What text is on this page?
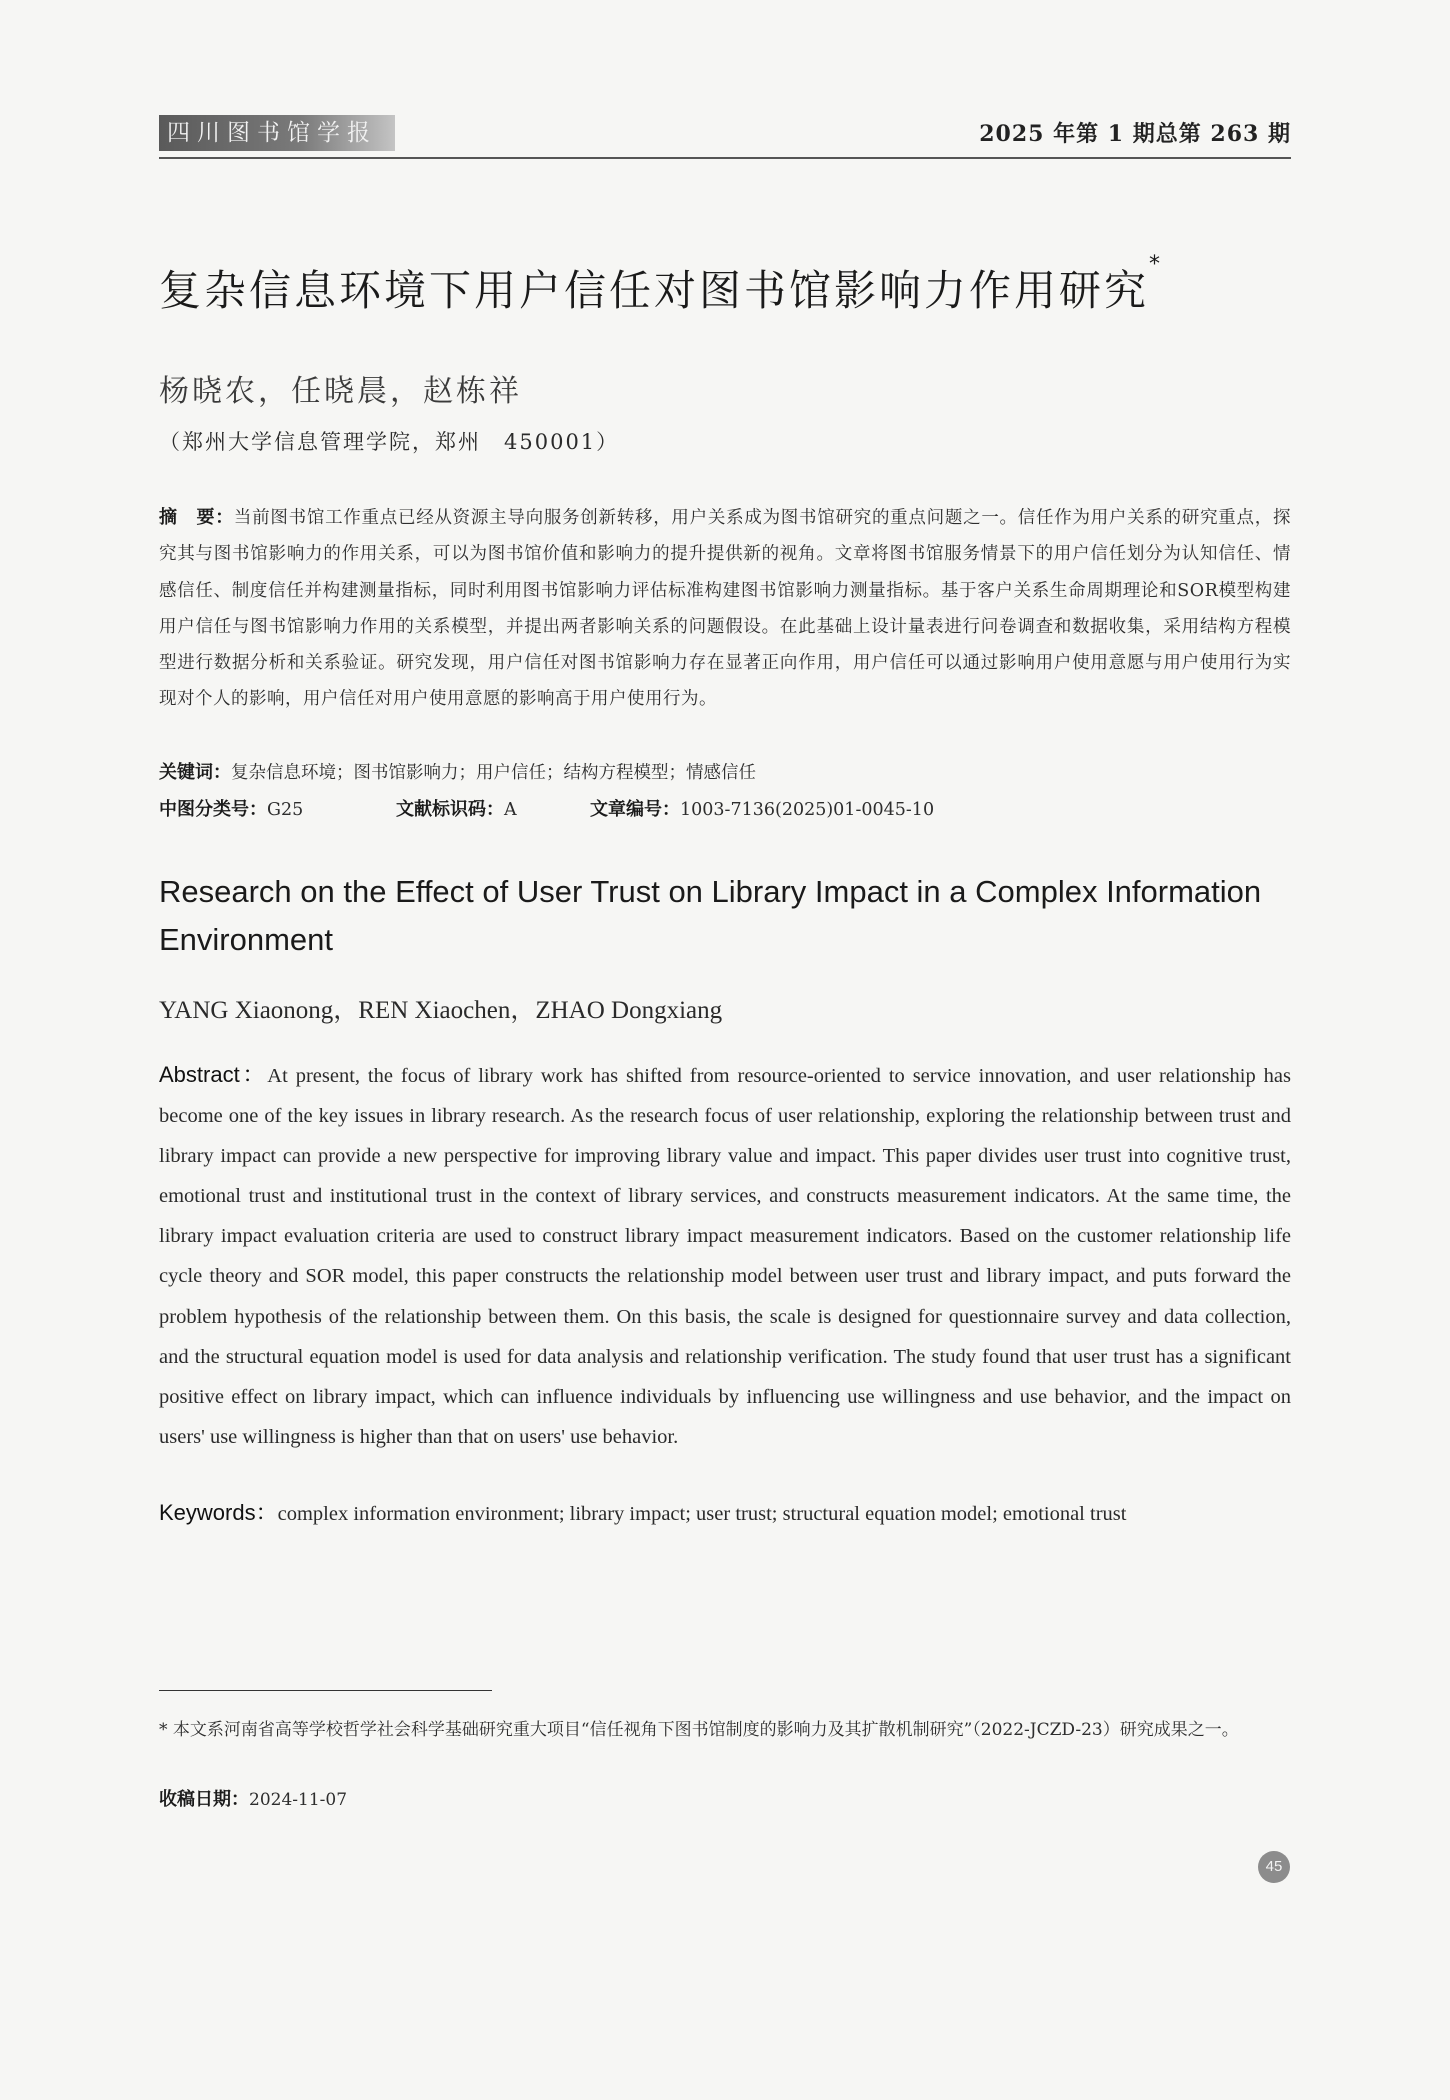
四川图书馆学报	2025 年第 1 期总第 263 期
复杂信息环境下用户信任对图书馆影响力作用研究*
杨晓农，任晓晨，赵栋祥
（郑州大学信息管理学院，郑州　450001）
摘　要：当前图书馆工作重点已经从资源主导向服务创新转移，用户关系成为图书馆研究的重点问题之一。信任作为用户关系的研究重点，探究其与图书馆影响力的作用关系，可以为图书馆价值和影响力的提升提供新的视角。文章将图书馆服务情景下的用户信任划分为认知信任、情感信任、制度信任并构建测量指标，同时利用图书馆影响力评估标准构建图书馆影响力测量指标。基于客户关系生命周期理论和SOR模型构建用户信任与图书馆影响力作用的关系模型，并提出两者影响关系的问题假设。在此基础上设计量表进行问卷调查和数据收集，采用结构方程模型进行数据分析和关系验证。研究发现，用户信任对图书馆影响力存在显著正向作用，用户信任可以通过影响用户使用意愿与用户使用行为实现对个人的影响，用户信任对用户使用意愿的影响高于用户使用行为。
关键词：复杂信息环境；图书馆影响力；用户信任；结构方程模型；情感信任
中图分类号：G25	文献标识码：A	文章编号：1003-7136(2025)01-0045-10
Research on the Effect of User Trust on Library Impact in a Complex Information Environment
YANG Xiaonong，REN Xiaochen，ZHAO Dongxiang
Abstract：At present, the focus of library work has shifted from resource-oriented to service innovation, and user relationship has become one of the key issues in library research. As the research focus of user relationship, exploring the relationship between trust and library impact can provide a new perspective for improving library value and impact. This paper divides user trust into cognitive trust, emotional trust and institutional trust in the context of library services, and constructs measurement indicators. At the same time, the library impact evaluation criteria are used to construct library impact measurement indicators. Based on the customer relationship life cycle theory and SOR model, this paper constructs the relationship model between user trust and library impact, and puts forward the problem hypothesis of the relationship between them. On this basis, the scale is designed for questionnaire survey and data collection, and the structural equation model is used for data analysis and relationship verification. The study found that user trust has a significant positive effect on library impact, which can influence individuals by influencing use willingness and use behavior, and the impact on users' use willingness is higher than that on users' use behavior.
Keywords：complex information environment; library impact; user trust; structural equation model; emotional trust
* 本文系河南省高等学校哲学社会科学基础研究重大项目“信任视角下图书馆制度的影响力及其扩散机制研究”（2022-JCZD-23）研究成果之一。
收稿日期：2024-11-07
45
